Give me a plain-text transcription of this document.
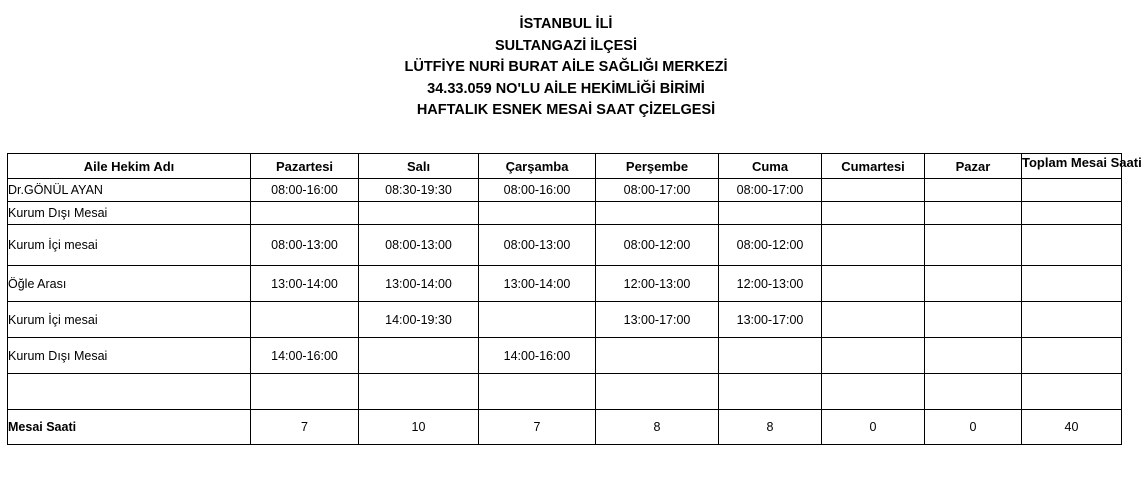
İSTANBUL İLİ
SULTANGAZİ İLÇESİ
LÜTFİYE NURİ BURAT AİLE SAĞLIĞI MERKEZİ
34.33.059 NO'LU AİLE HEKİMLİĞİ BİRİMİ
HAFTALIK ESNEK MESAİ SAAT ÇİZELGESİ
Aile Hekim Adı	Pazartesi	Salı	Çarşamba	Perşembe	Cuma	Cumartesi	Pazar	Toplam Mesai Saati

Dr.GÖNÜL AYAN	08:00-16:00	08:30-19:30	08:00-16:00	08:00-17:00	08:00-17:00			
Kurum Dışı Mesai								
Kurum İçi mesai	08:00-13:00	08:00-13:00	08:00-13:00	08:00-12:00	08:00-12:00			
Öğle Arası	13:00-14:00	13:00-14:00	13:00-14:00	12:00-13:00	12:00-13:00			
Kurum İçi mesai		14:00-19:30		13:00-17:00	13:00-17:00			
Kurum Dışı Mesai	14:00-16:00		14:00-16:00					

Mesai Saati	7	10	7	8	8	0	0	40
